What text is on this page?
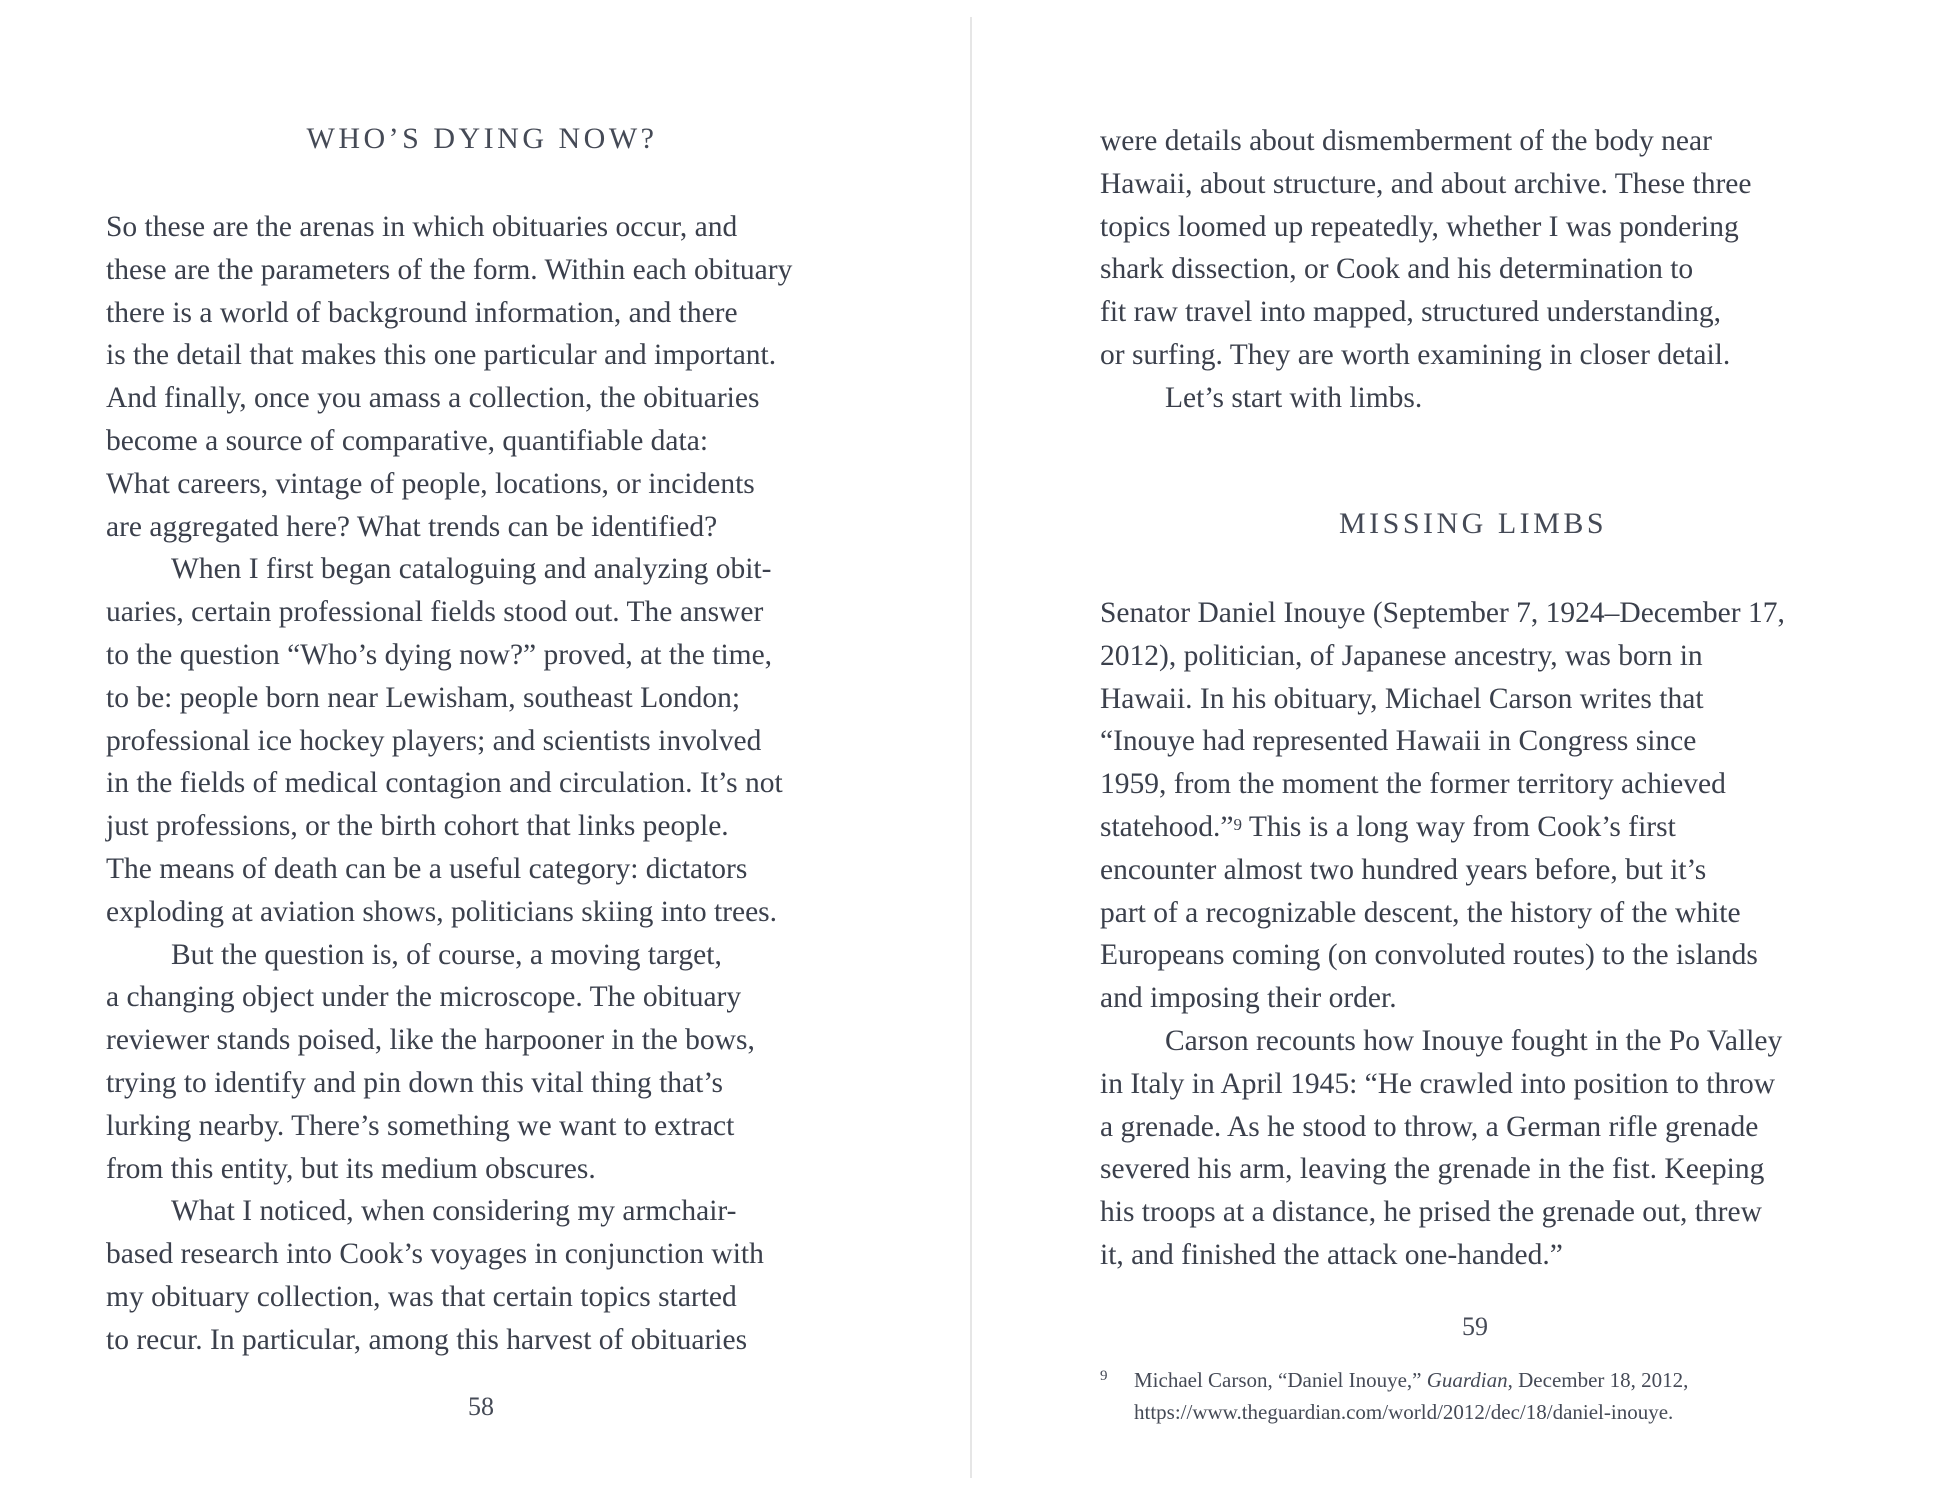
WHO’S DYING NOW?
So these are the arenas in which obituaries occur, and
these are the parameters of the form. Within each obituary
there is a world of background information, and there
is the detail that makes this one particular and important.
And finally, once you amass a collection, the obituaries
become a source of comparative, quantifiable data:
What careers, vintage of people, locations, or incidents
are aggregated here? What trends can be identified?
When I first began cataloguing and analyzing obit-
uaries, certain professional fields stood out. The answer
to the question “Who’s dying now?” proved, at the time,
to be: people born near Lewisham, southeast London;
professional ice hockey players; and scientists involved
in the fields of medical contagion and circulation. It’s not
just professions, or the birth cohort that links people.
The means of death can be a useful category: dictators
exploding at aviation shows, politicians skiing into trees.
But the question is, of course, a moving target,
a changing object under the microscope. The obituary
reviewer stands poised, like the harpooner in the bows,
trying to identify and pin down this vital thing that’s
lurking nearby. There’s something we want to extract
from this entity, but its medium obscures.
What I noticed, when considering my armchair-
based research into Cook’s voyages in conjunction with
my obituary collection, was that certain topics started
to recur. In particular, among this harvest of obituaries
58
were details about dismemberment of the body near
Hawaii, about structure, and about archive. These three
topics loomed up repeatedly, whether I was pondering
shark dissection, or Cook and his determination to
fit raw travel into mapped, structured understanding,
or surfing. They are worth examining in closer detail.
Let’s start with limbs.
MISSING LIMBS
Senator Daniel Inouye (September 7, 1924–December 17,
2012), politician, of Japanese ancestry, was born in
Hawaii. In his obituary, Michael Carson writes that
“Inouye had represented Hawaii in Congress since
1959, from the moment the former territory achieved
statehood.”$^9$ This is a long way from Cook’s first
encounter almost two hundred years before, but it’s
part of a recognizable descent, the history of the white
Europeans coming (on convoluted routes) to the islands
and imposing their order.
Carson recounts how Inouye fought in the Po Valley
in Italy in April 1945: “He crawled into position to throw
a grenade. As he stood to throw, a German rifle grenade
severed his arm, leaving the grenade in the fist. Keeping
his troops at a distance, he prised the grenade out, threw
it, and finished the attack one-handed.”
59
9 Michael Carson, “Daniel Inouye,” Guardian, December 18, 2012,
https://www.theguardian.com/world/2012/dec/18/daniel-inouye.
